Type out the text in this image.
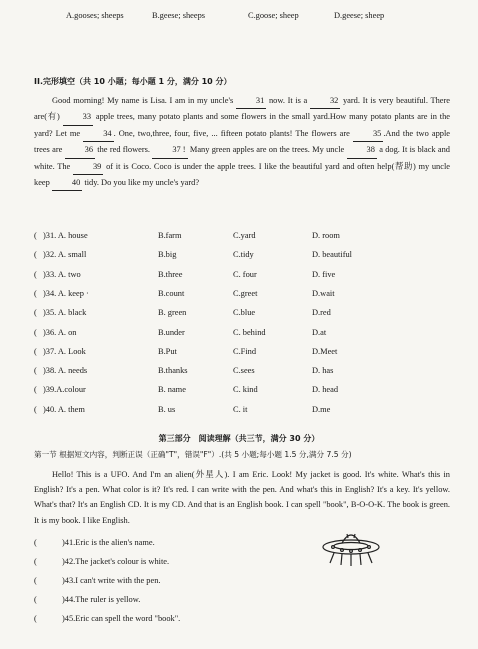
A.gooses; sheeps	B.geese; sheeps	C.goose; sheep	D.geese; sheep
II.完形填空（共 10 小题；每小题 1 分，满分 10 分）
Good morning! My name is Lisa. I am in my uncle's 31 now. It is a 32 yard. It is very beautiful. There are(有) 33 apple trees, many potato plants and some flowers in the small yard.How many potato plants are in the yard? Let me 34 . One, two,three, four, five, ... fifteen potato plants! The flowers are 35 .And the two apple trees are 36 the red flowers. 37 ! Many green apples are on the trees. My uncle 38 a dog. It is black and white. The 39 of it is Coco. Coco is under the apple trees. I like the beautiful yard and often help(帮助) my uncle keep 40 tidy. Do you like my uncle's yard?
( )31. A. house	B.farm	C.yard	D. room
( )32. A. small	B.big	C.tidy	D. beautiful
( )33. A. two	B.three	C. four	D. five
( )34. A. keep ·	B.count	C.greet	D.wait
( )35. A. black	B. green	C.blue	D.red
( )36. A. on	B.under	C. behind	D.at
( )37. A. Look	B.Put	C.Find	D.Meet
( )38. A. needs	B.thanks	C.sees	D. has
( )39.A.colour	B. name	C. kind	D. head
( )40. A. them	B. us	C. it	D.me
第三部分　阅读理解（共三节，满分 30 分）
第一节 根据短文内容，判断正误（正确"T"，错误"F"）.(共 5 小题;每小题 1.5 分,满分 7.5 分)
Hello! This is a UFO. And I'm an alien(外星人). I am Eric. Look! My jacket is good. It's white. What's this in English? It's a pen. What color is it? It's red. I can write with the pen. And what's this in English? It's a key. It's yellow. What's that? It's an English CD. It is my CD. And that is an English book. I can spell "book", B-O-O-K. The book is green. It is my book. I like English.
(	)41.Eric is the alien's name.
(	)42.The jacket's colour is white.
(	)43.I can't write with the pen.
(	)44.The ruler is yellow.
(	)45.Eric can spell the word "book".
